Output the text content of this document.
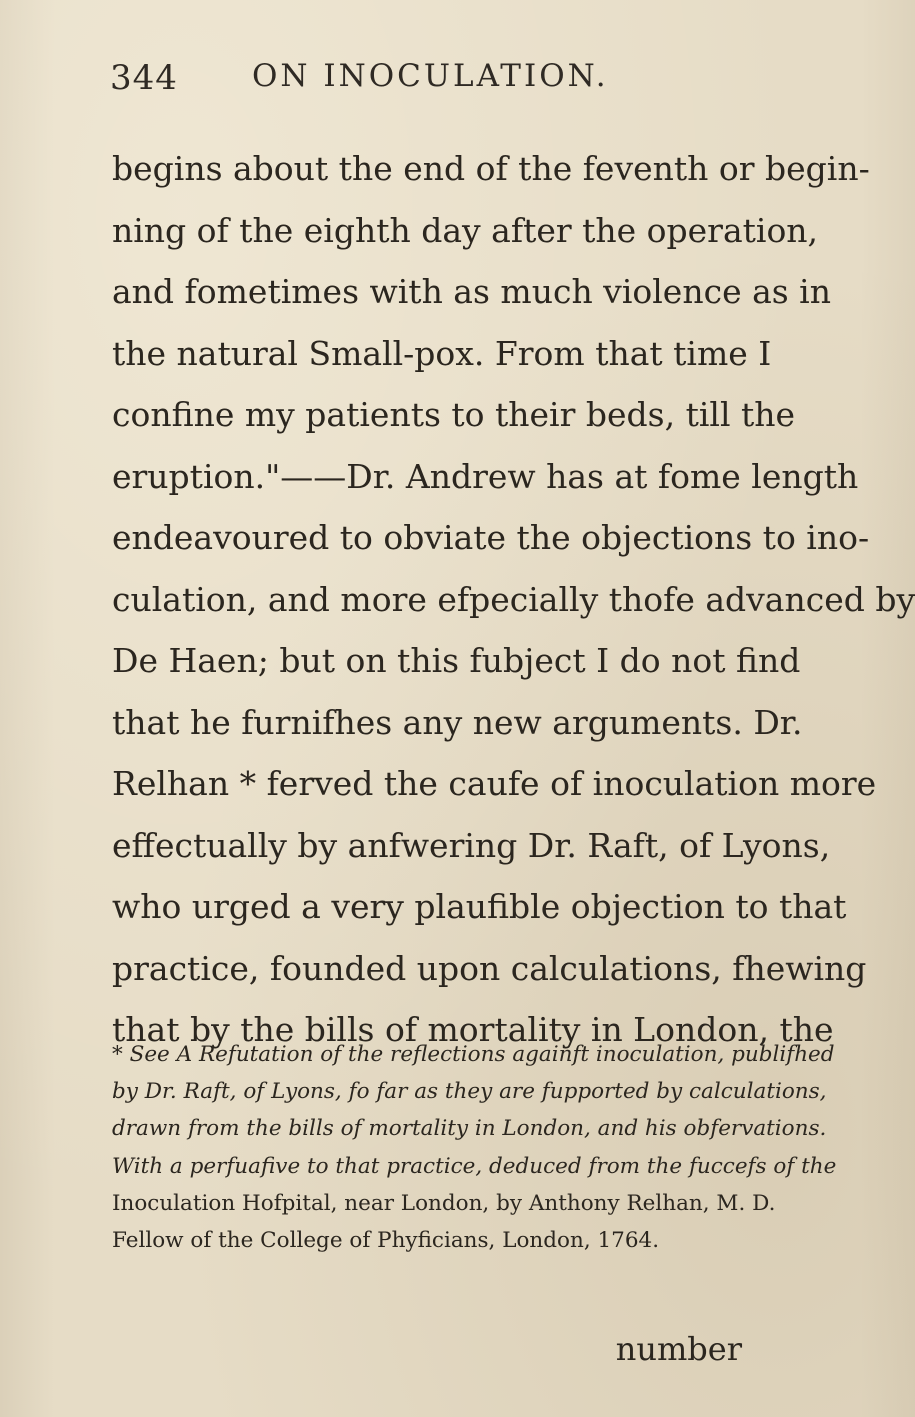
344 ON INOCULATION.
begins about the end of the feventh or begin-
ning of the eighth day after the operation,
and fometimes with as much violence as in
the natural Small-pox. From that time I
confine my patients to their beds, till the
eruption."——Dr. Andrew has at fome length
endeavoured to obviate the objections to ino-
culation, and more efpecially thofe advanced by
De Haen; but on this fubject I do not find
that he furnifhes any new arguments. Dr.
Relhan * ferved the caufe of inoculation more
effectually by anfwering Dr. Raft, of Lyons,
who urged a very plaufible objection to that
practice, founded upon calculations, fhewing
that by the bills of mortality in London, the
* See A Refutation of the reflections againft inoculation, publifhed
by Dr. Raft, of Lyons, fo far as they are fupported by calculations,
drawn from the bills of mortality in London, and his obfervations.
With a perfuafive to that practice, deduced from the fuccefs of the
Inoculation Hofpital, near London, by Anthony Relhan, M. D.
Fellow of the College of Phyficians, London, 1764.
number
